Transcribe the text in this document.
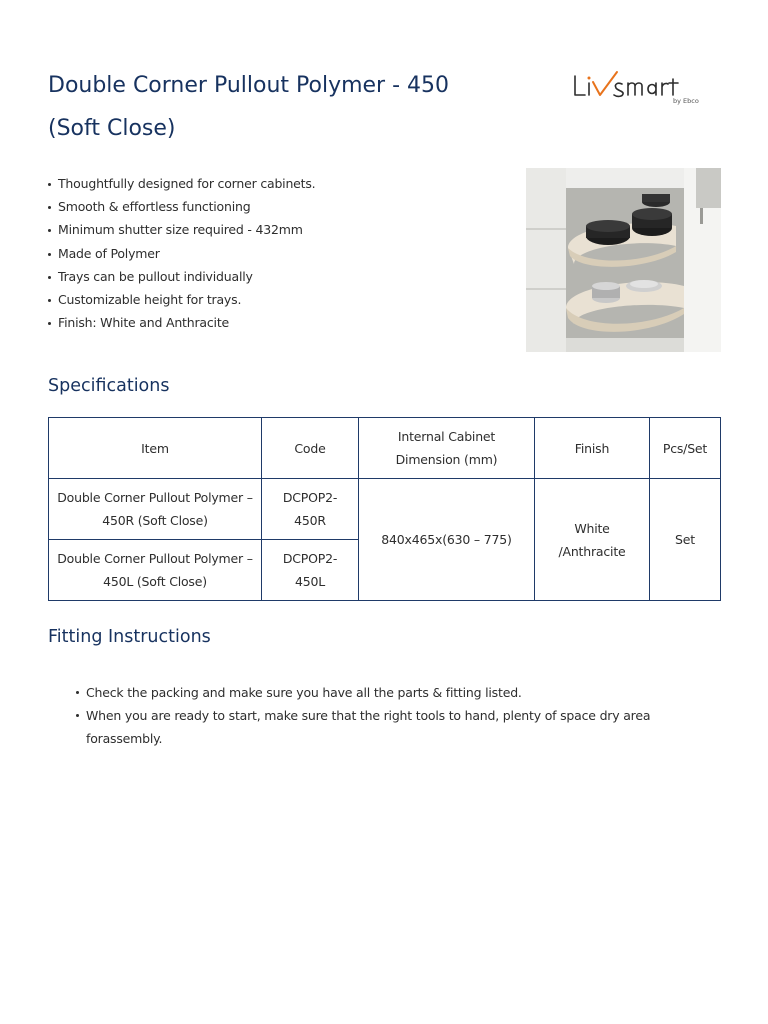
Double Corner Pullout Polymer - 450 (Soft Close)
by Ebco
Thoughtfully designed for corner cabinets.
Smooth & effortless functioning
Minimum shutter size required - 432mm
Made of Polymer
Trays can be pullout individually
Customizable height for trays.
Finish: White and Anthracite
Specifications
Item	Code	Internal Cabinet Dimension (mm)	Finish	Pcs/Set
Double Corner Pullout Polymer – 450R (Soft Close)	DCPOP2-450R	840x465x(630 – 775)	White /Anthracite	Set
Double Corner Pullout Polymer – 450L (Soft Close)	DCPOP2-450L			
Fitting Instructions
Check the packing and make sure you have all the parts & fitting listed.
When you are ready to start, make sure that the right tools to hand, plenty of space dry area forassembly.
